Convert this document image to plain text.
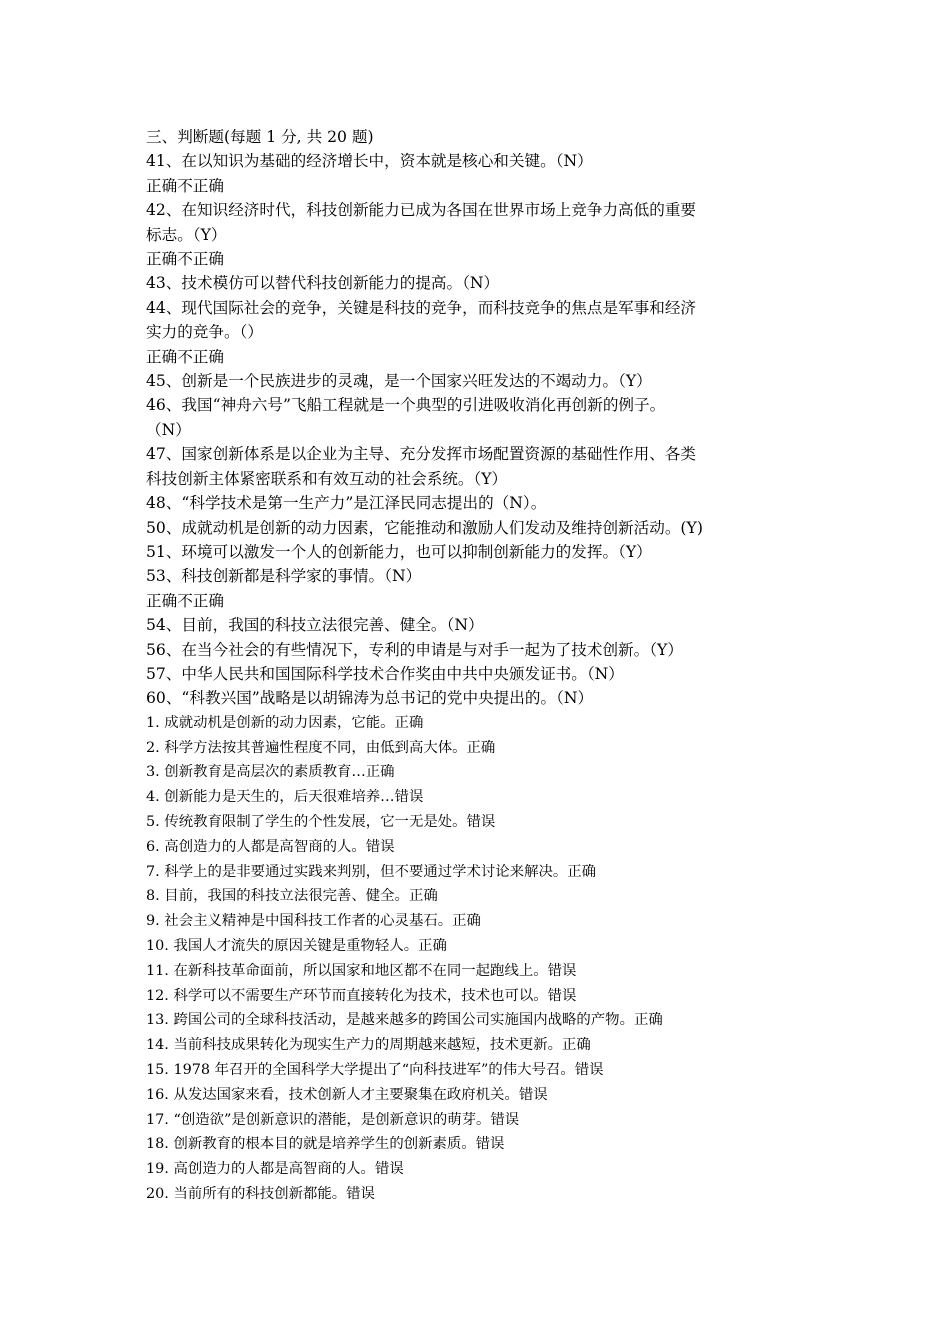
三、判断题(每题 1 分, 共 20 题)
41、在以知识为基础的经济增长中，资本就是核心和关键。（N）
正确不正确
42、在知识经济时代，科技创新能力已成为各国在世界市场上竞争力高低的重要
标志。（Y）
正确不正确
43、技术模仿可以替代科技创新能力的提高。（N）
44、现代国际社会的竞争，关键是科技的竞争，而科技竞争的焦点是军事和经济
实力的竞争。（）
正确不正确
45、创新是一个民族进步的灵魂，是一个国家兴旺发达的不竭动力。（Y）
46、我国“神舟六号”飞船工程就是一个典型的引进吸收消化再创新的例子。
（N）
47、国家创新体系是以企业为主导、充分发挥市场配置资源的基础性作用、各类
科技创新主体紧密联系和有效互动的社会系统。（Y）
48、“科学技术是第一生产力”是江泽民同志提出的（N）。
50、成就动机是创新的动力因素，它能推动和激励人们发动及维持创新活动。(Y)
51、环境可以激发一个人的创新能力，也可以抑制创新能力的发挥。（Y）
53、科技创新都是科学家的事情。（N）
正确不正确
54、目前，我国的科技立法很完善、健全。（N）
56、在当今社会的有些情况下，专利的申请是与对手一起为了技术创新。（Y）
57、中华人民共和国国际科学技术合作奖由中共中央颁发证书。（N）
60、“科教兴国”战略是以胡锦涛为总书记的党中央提出的。（N）
1. 成就动机是创新的动力因素，它能。正确
2. 科学方法按其普遍性程度不同，由低到高大体。正确
3. 创新教育是高层次的素质教育…正确
4. 创新能力是天生的，后天很难培养…错误
5. 传统教育限制了学生的个性发展，它一无是处。错误
6. 高创造力的人都是高智商的人。错误
7. 科学上的是非要通过实践来判别，但不要通过学术讨论来解决。正确
8. 目前，我国的科技立法很完善、健全。正确
9. 社会主义精神是中国科技工作者的心灵基石。正确
10. 我国人才流失的原因关键是重物轻人。正确
11. 在新科技革命面前，所以国家和地区都不在同一起跑线上。错误
12. 科学可以不需要生产环节而直接转化为技术，技术也可以。错误
13. 跨国公司的全球科技活动，是越来越多的跨国公司实施国内战略的产物。正确
14. 当前科技成果转化为现实生产力的周期越来越短，技术更新。正确
15. 1978 年召开的全国科学大学提出了“向科技进军”的伟大号召。错误
16. 从发达国家来看，技术创新人才主要聚集在政府机关。错误
17. “创造欲”是创新意识的潜能，是创新意识的萌芽。错误
18. 创新教育的根本目的就是培养学生的创新素质。错误
19. 高创造力的人都是高智商的人。错误
20. 当前所有的科技创新都能。错误
